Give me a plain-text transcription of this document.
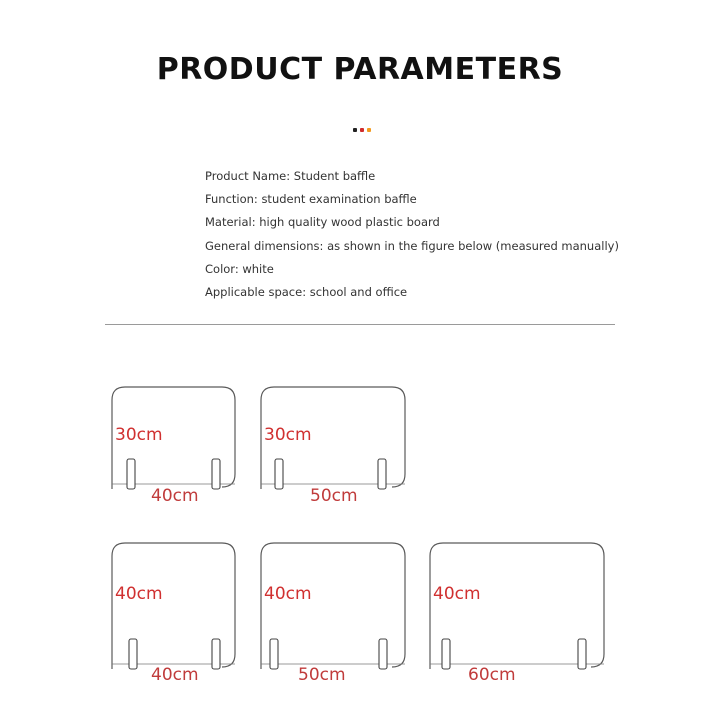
PRODUCT PARAMETERS
Product Name: Student baffle
Function: student examination baffle
Material: high quality wood plastic board
General dimensions: as shown in the figure below (measured manually)
Color: white
Applicable space: school and office
30cm
40cm
30cm
50cm
40cm
40cm
40cm
50cm
40cm
60cm
